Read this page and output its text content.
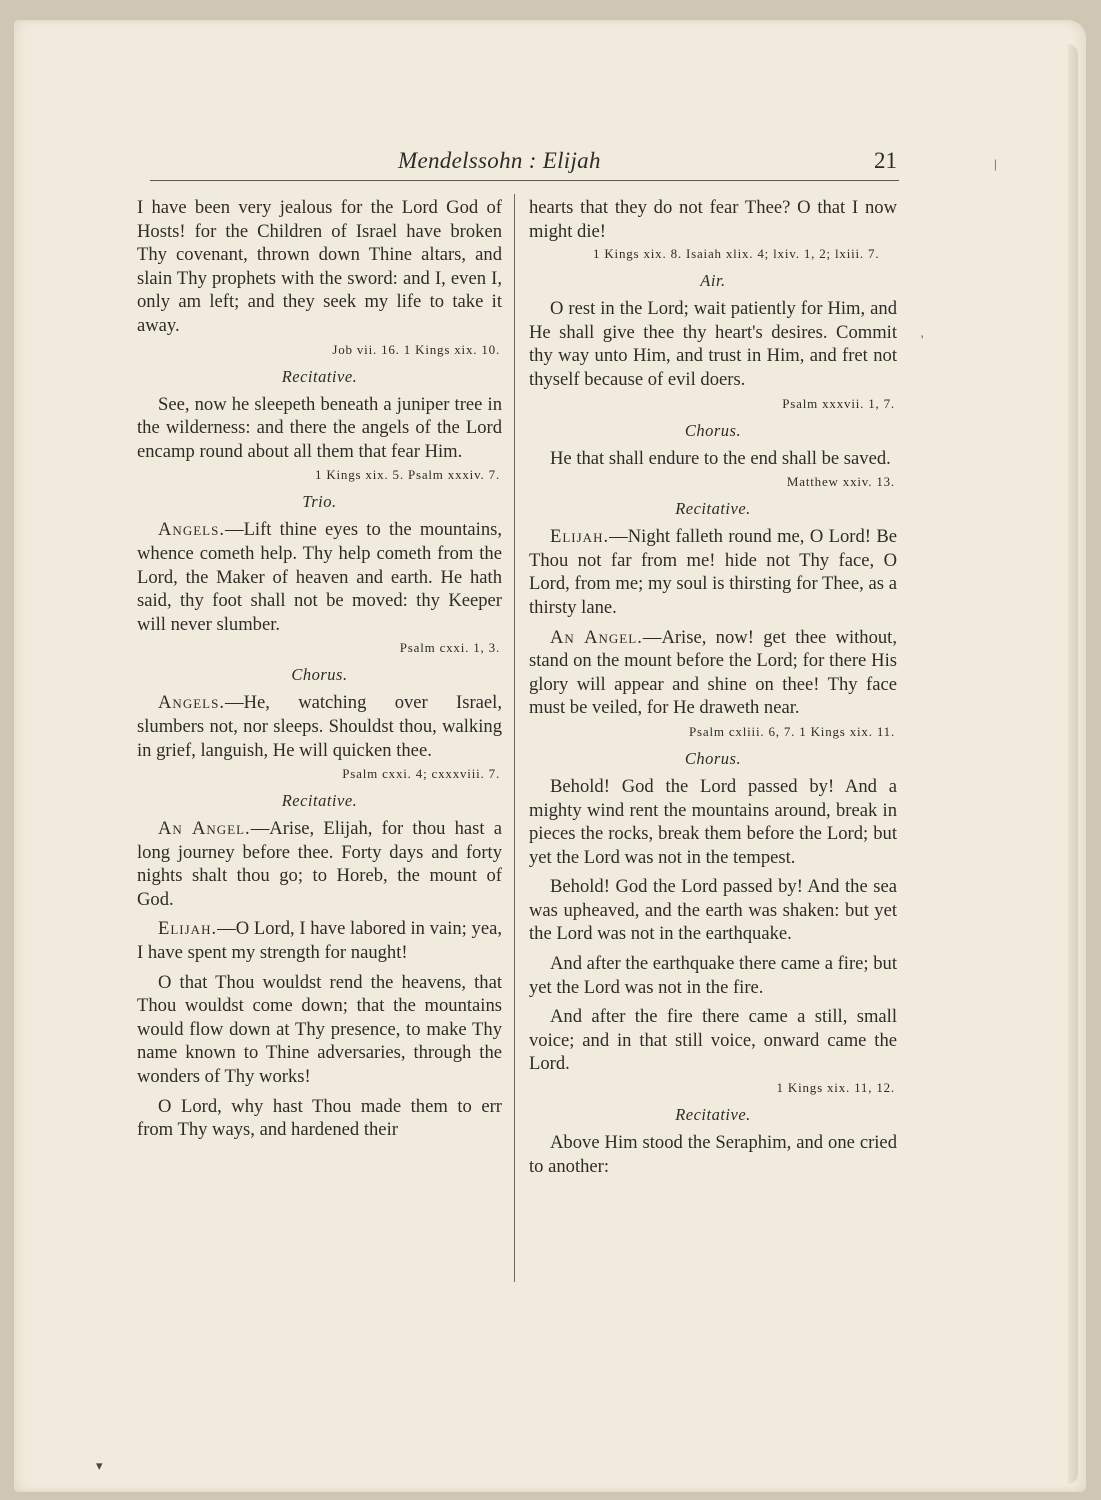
Mendelssohn : Elijah	21

I have been very jealous for the Lord God of Hosts! for the Children of Israel have broken Thy covenant, thrown down Thine altars, and slain Thy prophets with the sword: and I, even I, only am left; and they seek my life to take it away.

Job vii. 16. 1 Kings xix. 10.
Recitative.

See, now he sleepeth beneath a juniper tree in the wilderness: and there the angels of the Lord encamp round about all them that fear Him.

1 Kings xix. 5. Psalm xxxiv. 7.
Trio.

Angels.—Lift thine eyes to the mountains, whence cometh help. Thy help cometh from the Lord, the Maker of heaven and earth. He hath said, thy foot shall not be moved: thy Keeper will never slumber.

Psalm cxxi. 1, 3.
Chorus.

Angels.—He, watching over Israel, slumbers not, nor sleeps. Shouldst thou, walking in grief, languish, He will quicken thee.

Psalm cxxi. 4; cxxxviii. 7.
Recitative.

An Angel.—Arise, Elijah, for thou hast a long journey before thee. Forty days and forty nights shalt thou go; to Horeb, the mount of God.

Elijah.—O Lord, I have labored in vain; yea, I have spent my strength for naught!

O that Thou wouldst rend the heavens, that Thou wouldst come down; that the mountains would flow down at Thy presence, to make Thy name known to Thine adversaries, through the wonders of Thy works!

O Lord, why hast Thou made them to err from Thy ways, and hardened their

hearts that they do not fear Thee? O that I now might die!

1 Kings xix. 8. Isaiah xlix. 4; lxiv. 1, 2; lxiii. 7.
Air.

O rest in the Lord; wait patiently for Him, and He shall give thee thy heart's desires. Commit thy way unto Him, and trust in Him, and fret not thyself because of evil doers.

Psalm xxxvii. 1, 7.
Chorus.

He that shall endure to the end shall be saved.

Matthew xxiv. 13.
Recitative.

Elijah.—Night falleth round me, O Lord! Be Thou not far from me! hide not Thy face, O Lord, from me; my soul is thirsting for Thee, as a thirsty lane.

An Angel.—Arise, now! get thee without, stand on the mount before the Lord; for there His glory will appear and shine on thee! Thy face must be veiled, for He draweth near.

Psalm cxliii. 6, 7. 1 Kings xix. 11.
Chorus.

Behold! God the Lord passed by! And a mighty wind rent the mountains around, break in pieces the rocks, break them before the Lord; but yet the Lord was not in the tempest.

Behold! God the Lord passed by! And the sea was upheaved, and the earth was shaken: but yet the Lord was not in the earthquake.

And after the earthquake there came a fire; but yet the Lord was not in the fire.

And after the fire there came a still, small voice; and in that still voice, onward came the Lord.

1 Kings xix. 11, 12.
Recitative.

Above Him stood the Seraphim, and one cried to another:

|
'
▾
